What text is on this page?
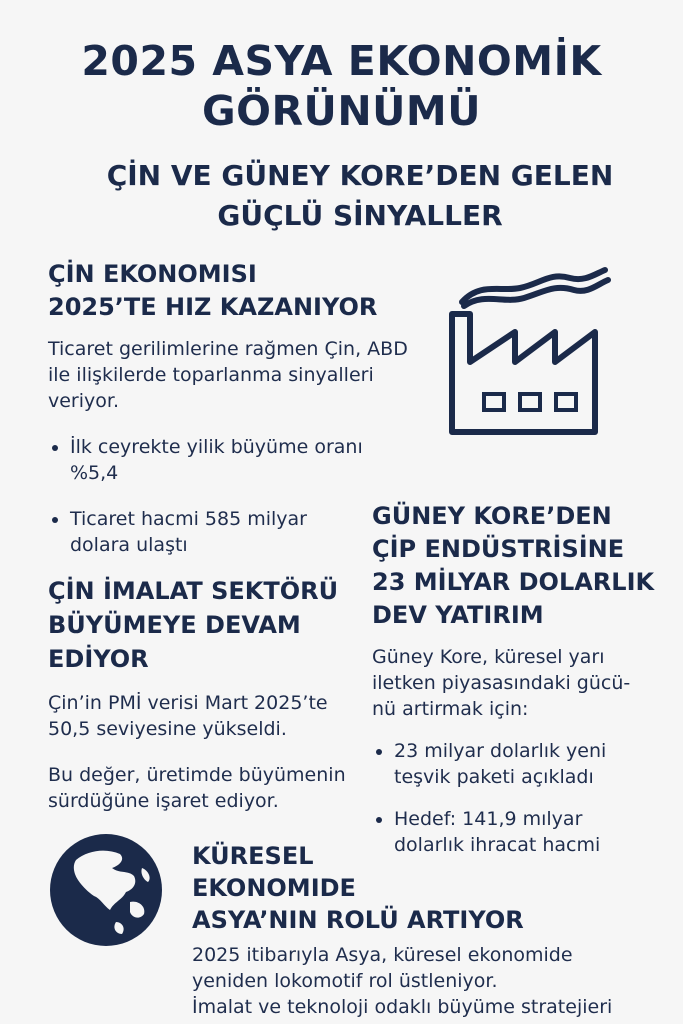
2025 ASYA EKONOMİK
GÖRÜNÜMÜ
ÇİN VE GÜNEY KORE’DEN GELEN
GÜÇLÜ SİNYALLER
ÇİN EKONOMISI
2025’TE HIZ KAZANIYOR

Ticaret gerilimlerine rağmen Çin, ABD ile ilişkilerde toparlanma sinyalleri veriyor.

İlk ceyrekte yilik büyüme oranı %5,4
Ticaret hacmi 585 milyar dolara ulaştı
ÇİN İMALAT SEKTÖRÜ
BÜYÜMEYE DEVAM
EDİYOR

Çin’in PMİ verisi Mart 2025’te 50,5 seviyesine yükseldi.

Bu değer, üretimde büyümenin sürdüğüne işaret ediyor.

GÜNEY KORE’DEN
ÇİP ENDÜSTRİSİNE
23 MİLYAR DOLARLIK
DEV YATIRIM

Güney Kore, küresel yarı iletken piyasasındaki gücü-nü artirmak için:

23 milyar dolarlık yeni teşvik paketi açıkladı
Hedef: 141,9 mılyar dolarlık ihracat hacmi
KÜRESEL
EKONOMIDE
ASYA’NIN ROLÜ ARTIYOR

2025 itibarıyla Asya, küresel ekonomide
yeniden lokomotif rol üstleniyor.
İmalat ve teknoloji odaklı büyüme stratejieri
